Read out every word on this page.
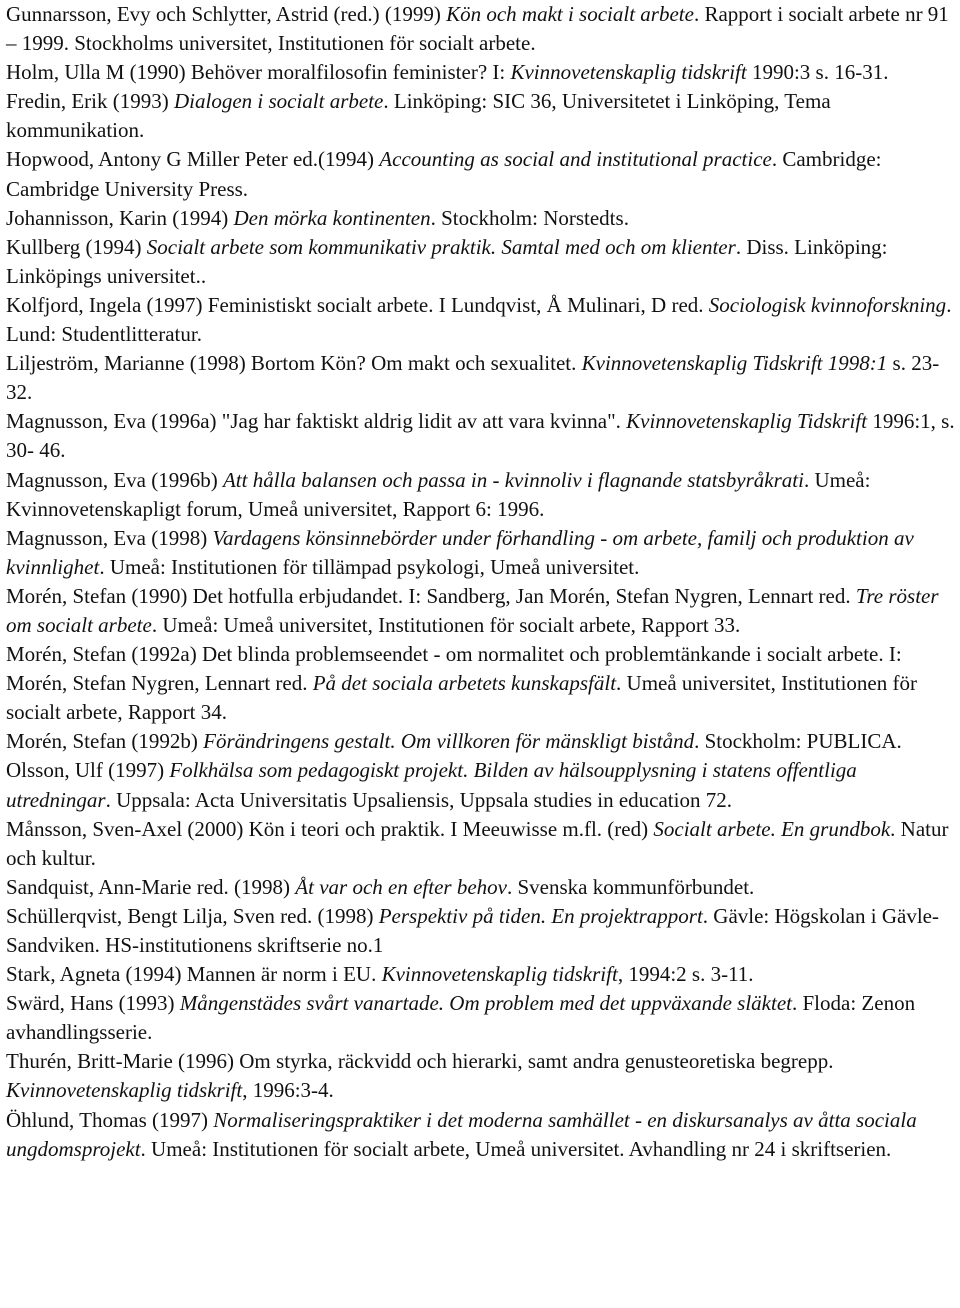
Gunnarsson, Evy och Schlytter, Astrid (red.) (1999) Kön och makt i socialt arbete. Rapport i socialt arbete nr 91 – 1999. Stockholms universitet, Institutionen för socialt arbete.
Holm, Ulla M (1990) Behöver moralfilosofin feminister? I: Kvinnovetenskaplig tidskrift 1990:3 s. 16-31.
Fredin, Erik (1993) Dialogen i socialt arbete. Linköping: SIC 36, Universitetet i Linköping, Tema kommunikation.
Hopwood, Antony G Miller Peter ed.(1994) Accounting as social and institutional practice. Cambridge: Cambridge University Press.
Johannisson, Karin (1994) Den mörka kontinenten. Stockholm: Norstedts.
Kullberg (1994) Socialt arbete som kommunikativ praktik. Samtal med och om klienter. Diss. Linköping: Linköpings universitet..
Kolfjord, Ingela (1997) Feministiskt socialt arbete. I Lundqvist, Å Mulinari, D red. Sociologisk kvinnoforskning. Lund: Studentlitteratur.
Liljeström, Marianne (1998) Bortom Kön? Om makt och sexualitet. Kvinnovetenskaplig Tidskrift 1998:1 s. 23-32.
Magnusson, Eva (1996a) "Jag har faktiskt aldrig lidit av att vara kvinna". Kvinnovetenskaplig Tidskrift 1996:1, s. 30- 46.
Magnusson, Eva (1996b) Att hålla balansen och passa in - kvinnoliv i flagnande statsbyråkrati. Umeå: Kvinnovetenskapligt forum, Umeå universitet, Rapport 6: 1996.
Magnusson, Eva (1998) Vardagens könsinnebörder under förhandling - om arbete, familj och produktion av kvinnlighet. Umeå: Institutionen för tillämpad psykologi, Umeå universitet.
Morén, Stefan (1990) Det hotfulla erbjudandet. I: Sandberg, Jan Morén, Stefan Nygren, Lennart red. Tre röster om socialt arbete. Umeå: Umeå universitet, Institutionen för socialt arbete, Rapport 33.
Morén, Stefan (1992a) Det blinda problemseendet - om normalitet och problemtänkande i socialt arbete. I: Morén, Stefan Nygren, Lennart red. På det sociala arbetets kunskapsfält. Umeå universitet, Institutionen för socialt arbete, Rapport 34.
Morén, Stefan (1992b) Förändringens gestalt. Om villkoren för mänskligt bistånd. Stockholm: PUBLICA.
Olsson, Ulf (1997) Folkhälsa som pedagogiskt projekt. Bilden av hälsoupplysning i statens offentliga utredningar. Uppsala: Acta Universitatis Upsaliensis, Uppsala studies in education 72.
Månsson, Sven-Axel (2000) Kön i teori och praktik. I Meeuwisse m.fl. (red) Socialt arbete. En grundbok. Natur och kultur.
Sandquist, Ann-Marie red. (1998) Åt var och en efter behov. Svenska kommunförbundet.
Schüllerqvist, Bengt Lilja, Sven red. (1998) Perspektiv på tiden. En projektrapport. Gävle: Högskolan i Gävle-Sandviken. HS-institutionens skriftserie no.1
Stark, Agneta (1994) Mannen är norm i EU. Kvinnovetenskaplig tidskrift, 1994:2 s. 3-11.
Swärd, Hans (1993) Mångenstädes svårt vanartade. Om problem med det uppväxande släktet. Floda: Zenon avhandlingsserie.
Thurén, Britt-Marie (1996) Om styrka, räckvidd och hierarki, samt andra genusteoretiska begrepp. Kvinnovetenskaplig tidskrift, 1996:3-4.
Öhlund, Thomas (1997) Normaliseringspraktiker i det moderna samhället - en diskursanalys av åtta sociala ungdomsprojekt. Umeå: Institutionen för socialt arbete, Umeå universitet. Avhandling nr 24 i skriftserien.
